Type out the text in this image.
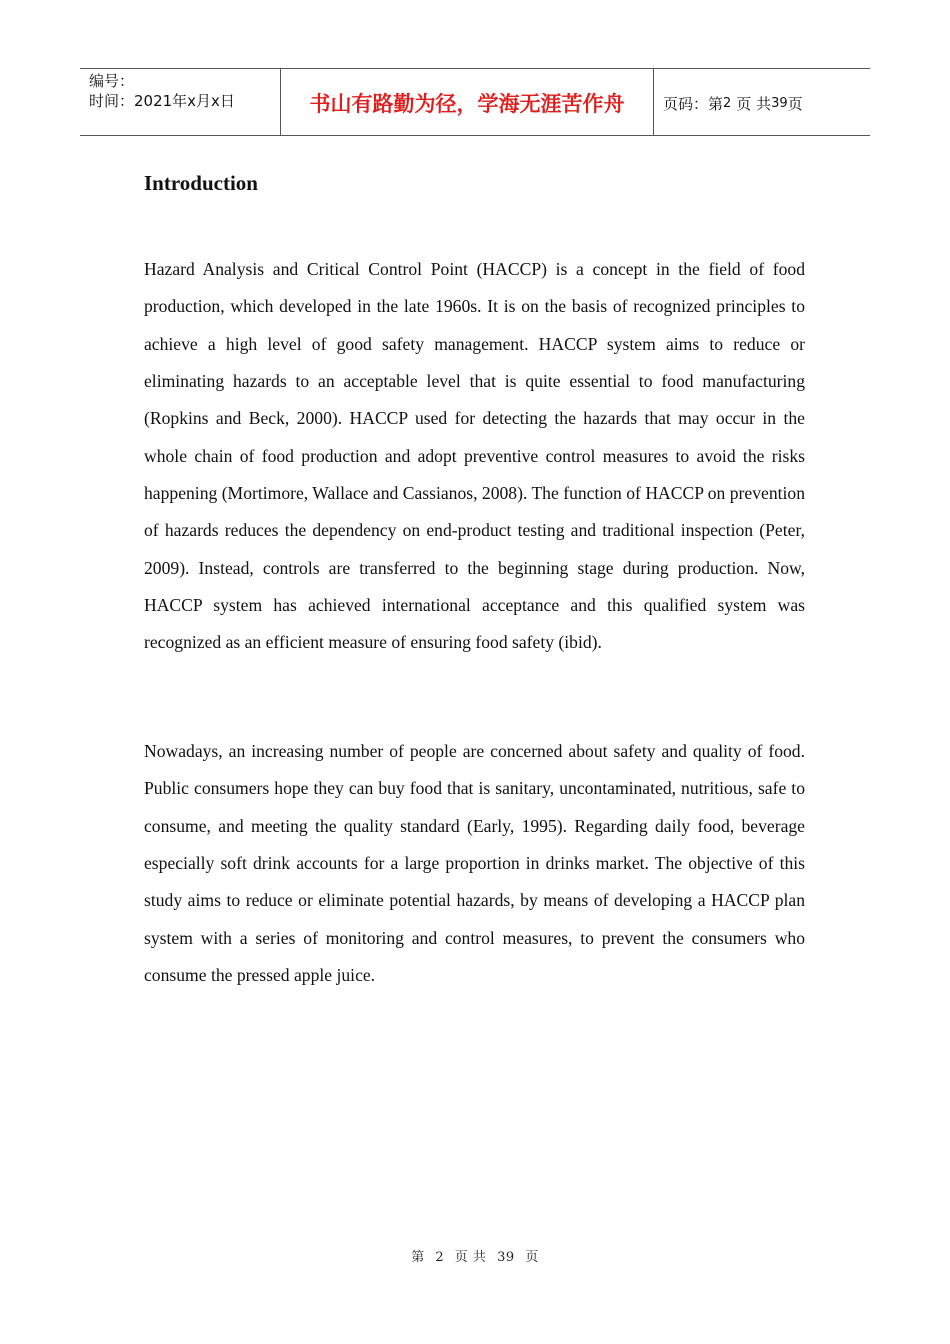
编号：
时间：2021年x月x日	书山有路勤为径，学海无涯苦作舟	页码：第 2 页 共 39 页
Introduction

Hazard Analysis and Critical Control Point (HACCP) is a concept in the field of food production, which developed in the late 1960s. It is on the basis of recognized principles to achieve a high level of good safety management. HACCP system aims to reduce or eliminating hazards to an acceptable level that is quite essential to food manufacturing (Ropkins and Beck, 2000). HACCP used for detecting the hazards that may occur in the whole chain of food production and adopt preventive control measures to avoid the risks happening (Mortimore, Wallace and Cassianos, 2008). The function of HACCP on prevention of hazards reduces the dependency on end-product testing and traditional inspection (Peter, 2009). Instead, controls are transferred to the beginning stage during production. Now, HACCP system has achieved international acceptance and this qualified system was recognized as an efficient measure of ensuring food safety (ibid).

Nowadays, an increasing number of people are concerned about safety and quality of food. Public consumers hope they can buy food that is sanitary, uncontaminated, nutritious, safe to consume, and meeting the quality standard (Early, 1995). Regarding daily food, beverage especially soft drink accounts for a large proportion in drinks market. The objective of this study aims to reduce or eliminate potential hazards, by means of developing a HACCP plan system with a series of monitoring and control measures, to prevent the consumers who consume the pressed apple juice.

第 2 页 共 39 页
